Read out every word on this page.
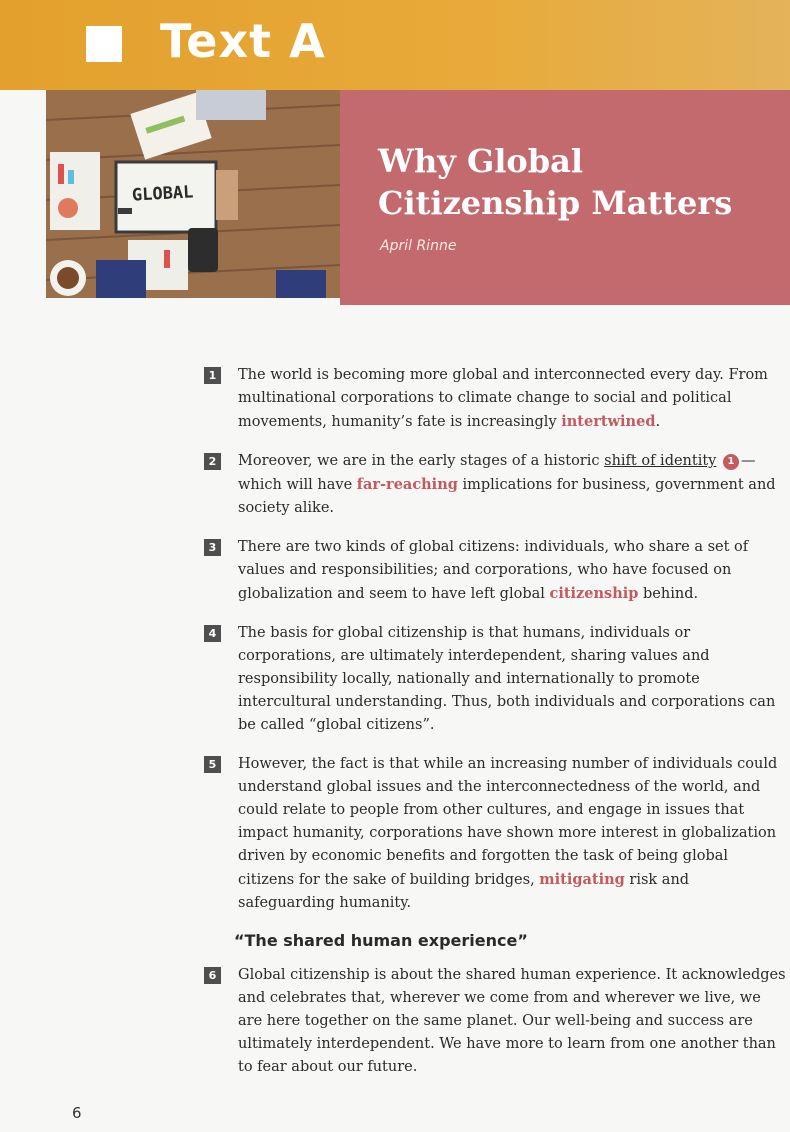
Text A
GLOBAL
Why Global
Citizenship Matters
April Rinne
1	The world is becoming more global and interconnected every day. From multinational corporations to climate change to social and political movements, humanity’s fate is increasingly intertwined.
2	Moreover, we are in the early stages of a historic shift of identity 1 —which will have far-reaching implications for business, government and society alike.
3	There are two kinds of global citizens: individuals, who share a set of values and responsibilities; and corporations, who have focused on globalization and seem to have left global citizenship behind.
4	The basis for global citizenship is that humans, individuals or corporations, are ultimately interdependent, sharing values and responsibility locally, nationally and internationally to promote intercultural understanding. Thus, both individuals and corporations can be called “global citizens”.
5	However, the fact is that while an increasing number of individuals could understand global issues and the interconnectedness of the world, and could relate to people from other cultures, and engage in issues that impact humanity, corporations have shown more interest in globalization driven by economic benefits and forgotten the task of being global citizens for the sake of building bridges, mitigating risk and safeguarding humanity.
“The shared human experience”
6	Global citizenship is about the shared human experience. It acknowledges and celebrates that, wherever we come from and wherever we live, we are here together on the same planet. Our well-being and success are ultimately interdependent. We have more to learn from one another than to fear about our future.
6
